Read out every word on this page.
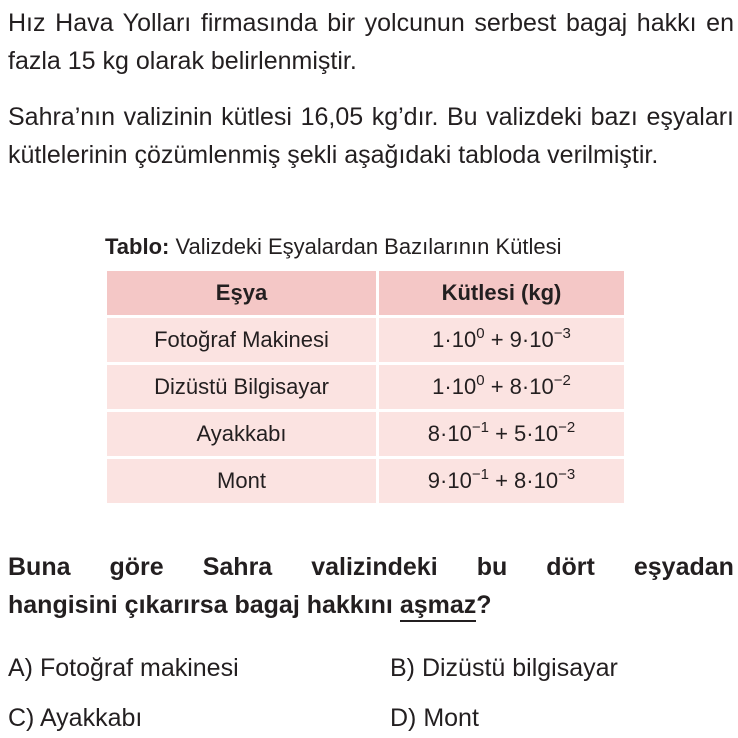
Hız Hava Yolları firmasında bir yolcunun serbest bagaj hakkı en fazla 15 kg olarak belirlenmiştir.

Sahra’nın valizinin kütlesi 16,05 kg’dır. Bu valizdeki bazı eşyaları kütlelerinin çözümlenmiş şekli aşağıdaki tabloda verilmiştir.

Tablo: Valizdeki Eşyalardan Bazılarının Kütlesi
Eşya	Kütlesi (kg)
Fotoğraf Makinesi	$1\cdot 10^0 + 9\cdot 10^{-3}$
Dizüstü Bilgisayar	$1\cdot 10^0 + 8\cdot 10^{-2}$
Ayakkabı	$8\cdot 10^{-1} + 5\cdot 10^{-2}$
Mont	$9\cdot 10^{-1} + 8\cdot 10^{-3}$
Buna göre Sahra valizindeki bu dört eşyadan
hangisini çıkarırsa bagaj hakkını aşmaz?
A) Fotoğraf makinesi	B) Dizüstü bilgisayar
C) Ayakkabı	D) Mont
